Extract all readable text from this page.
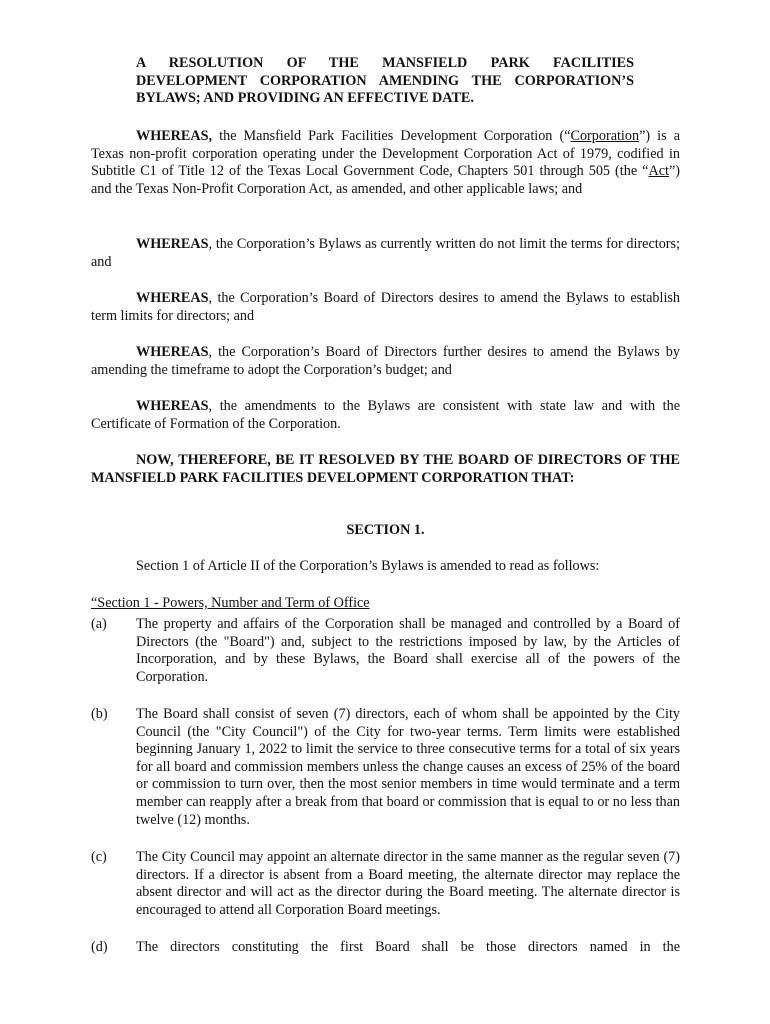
A RESOLUTION OF THE MANSFIELD PARK FACILITIES
DEVELOPMENT CORPORATION AMENDING THE CORPORATION’S
BYLAWS; AND PROVIDING AN EFFECTIVE DATE.

WHEREAS, the Mansfield Park Facilities Development Corporation (“Corporation”) is a Texas non-profit corporation operating under the Development Corporation Act of 1979, codified in Subtitle C1 of Title 12 of the Texas Local Government Code, Chapters 501 through 505 (the “Act”) and the Texas Non-Profit Corporation Act, as amended, and other applicable laws; and

WHEREAS, the Corporation’s Bylaws as currently written do not limit the terms for directors; and

WHEREAS, the Corporation’s Board of Directors desires to amend the Bylaws to establish term limits for directors; and

WHEREAS, the Corporation’s Board of Directors further desires to amend the Bylaws by amending the timeframe to adopt the Corporation’s budget; and

WHEREAS, the amendments to the Bylaws are consistent with state law and with the Certificate of Formation of the Corporation.

NOW, THEREFORE, BE IT RESOLVED BY THE BOARD OF DIRECTORS OF THE MANSFIELD PARK FACILITIES DEVELOPMENT CORPORATION THAT:

SECTION 1.

Section 1 of Article II of the Corporation’s Bylaws is amended to read as follows:

“Section 1 - Powers, Number and Term of Office

(a) The property and affairs of the Corporation shall be managed and controlled by a Board of Directors (the "Board") and, subject to the restrictions imposed by law, by the Articles of Incorporation, and by these Bylaws, the Board shall exercise all of the powers of the Corporation.
(b) The Board shall consist of seven (7) directors, each of whom shall be appointed by the City Council (the "City Council") of the City for two-year terms. Term limits were established beginning January 1, 2022 to limit the service to three consecutive terms for a total of six years for all board and commission members unless the change causes an excess of 25% of the board or commission to turn over, then the most senior members in time would terminate and a term member can reapply after a break from that board or commission that is equal to or no less than twelve (12) months.
(c) The City Council may appoint an alternate director in the same manner as the regular seven (7) directors. If a director is absent from a Board meeting, the alternate director may replace the absent director and will act as the director during the Board meeting. The alternate director is encouraged to attend all Corporation Board meetings.
(d) The directors constituting the first Board shall be those directors named in the
